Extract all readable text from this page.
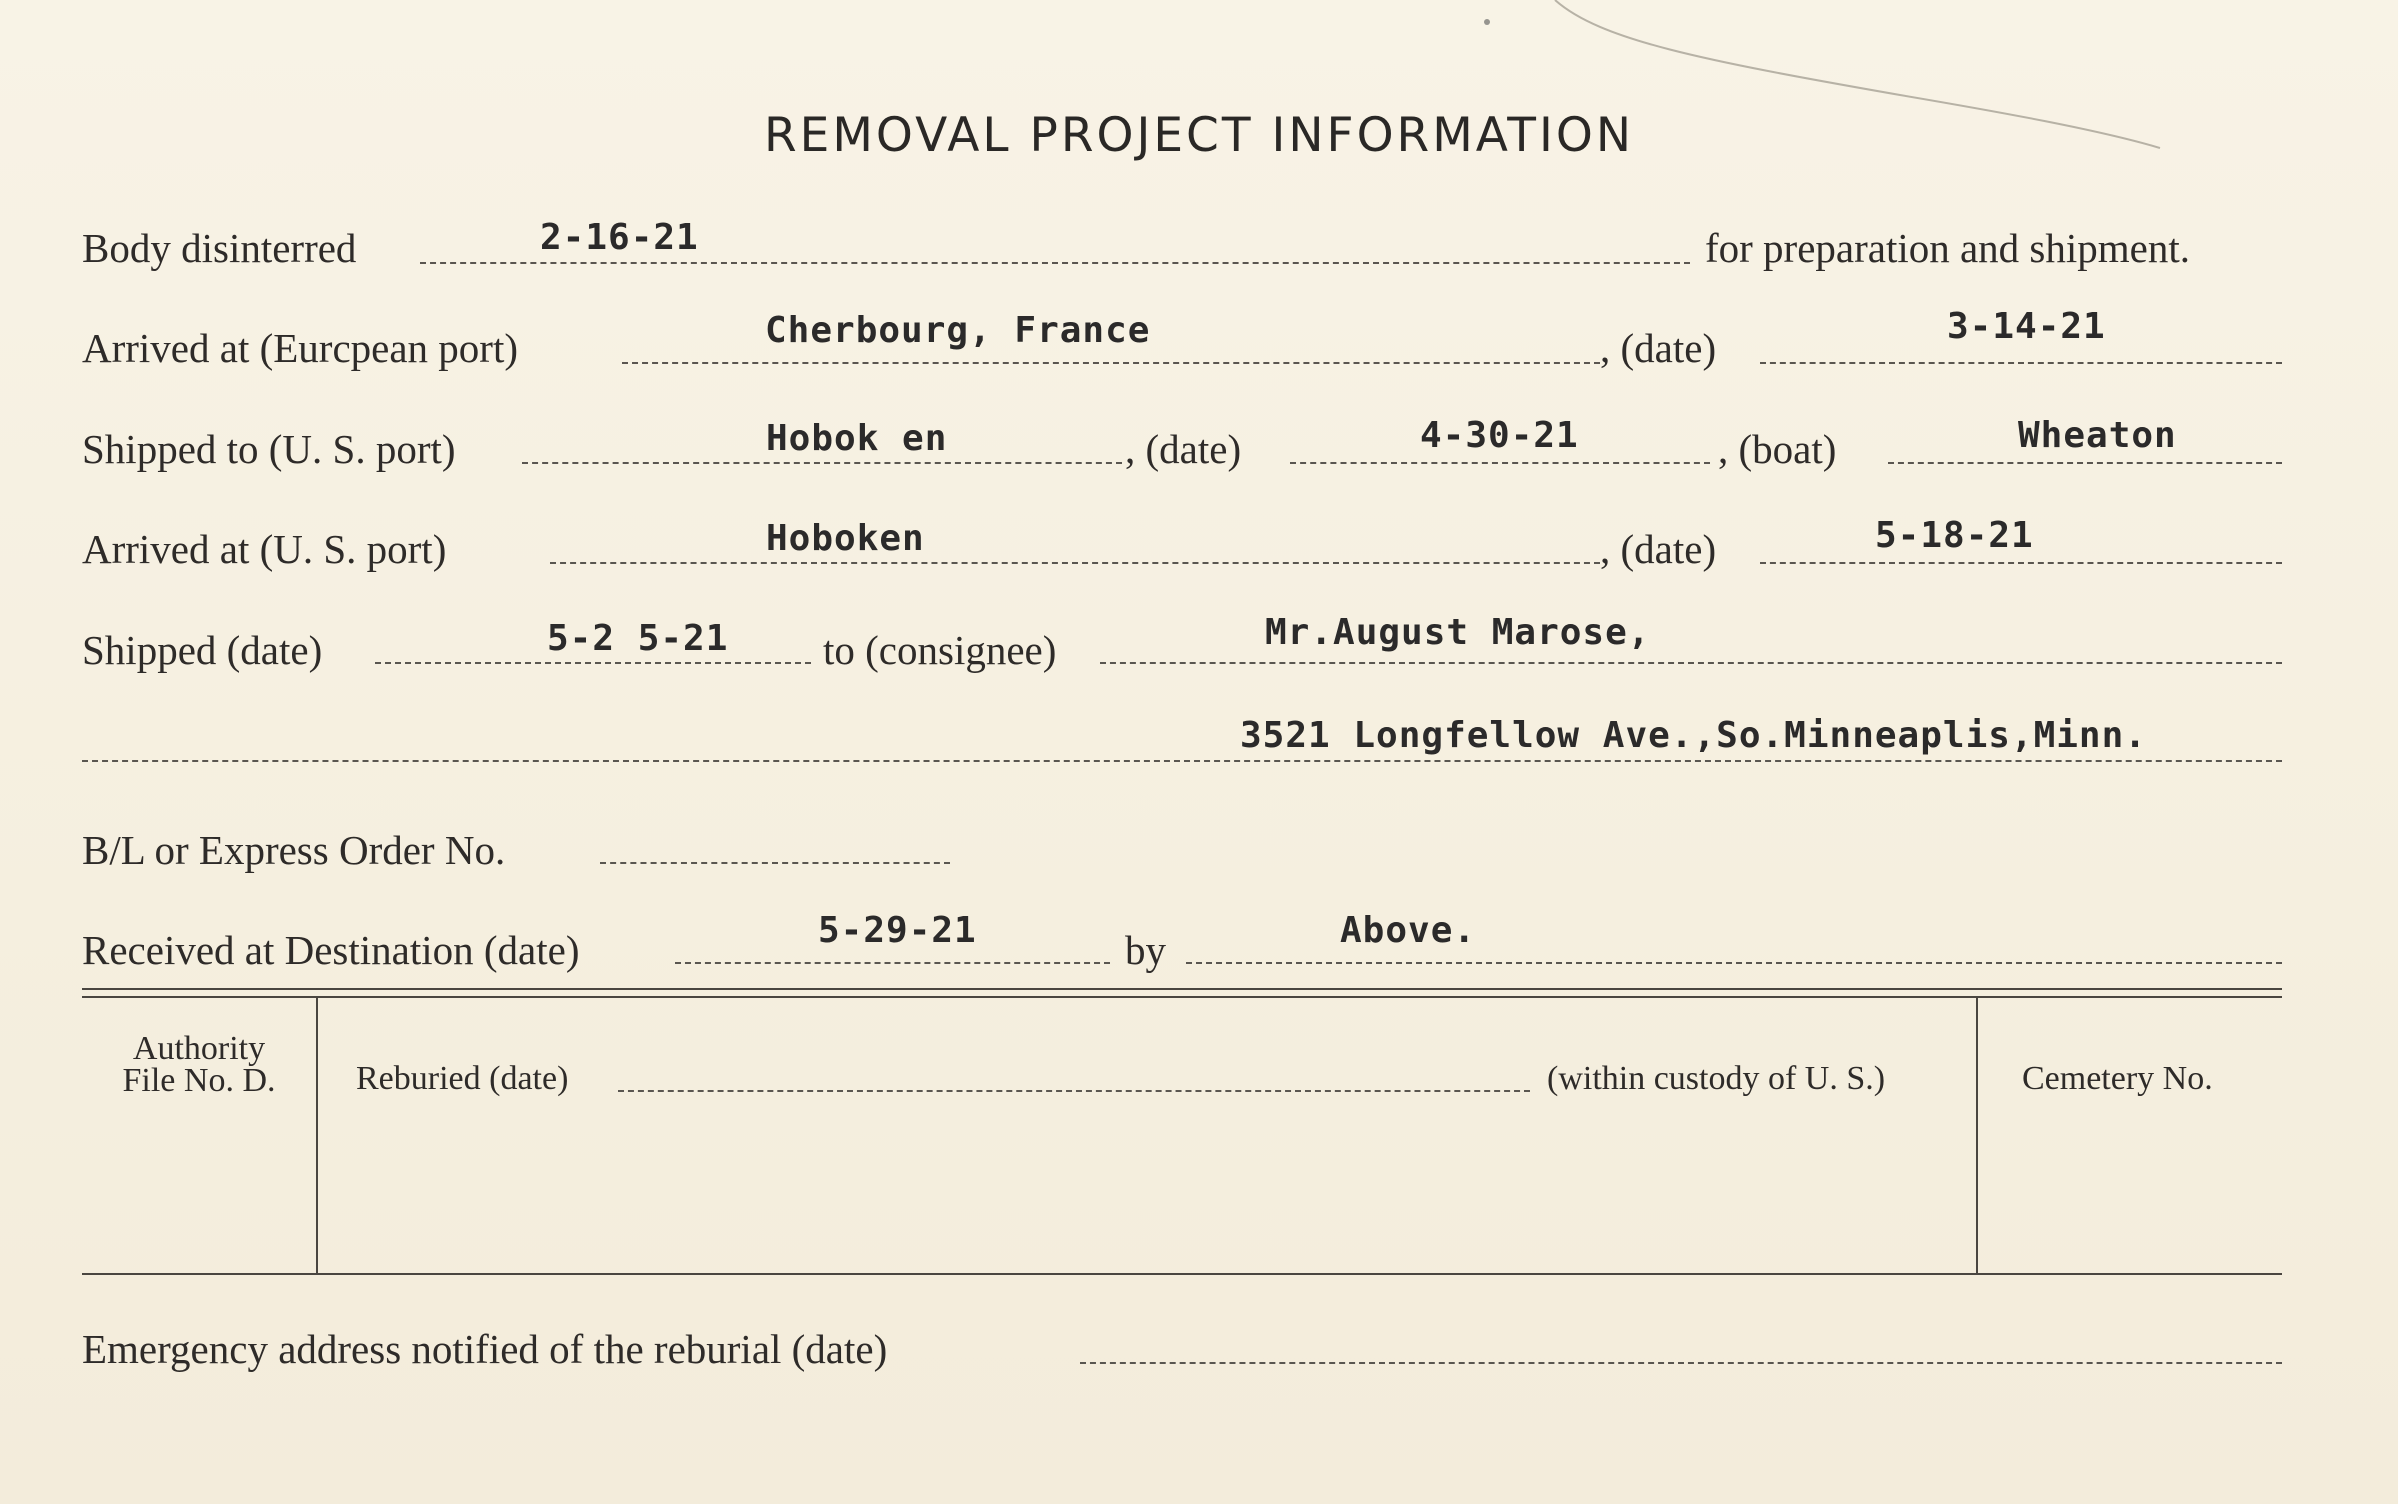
REMOVAL PROJECT INFORMATION
Body disinterred	2-16-21	for preparation and shipment.
Arrived at (Eurcpean port)	Cherbourg, France	, (date)	3-14-21
Shipped to (U. S. port)	Hobok en	, (date)	4-30-21	, (boat)	Wheaton
Arrived at (U. S. port)	Hoboken	, (date)	5-18-21
Shipped (date)	5-2 5-21 to (consignee)	Mr.August Marose,
3521 Longfellow Ave.,So.Minneaplis,Minn.
B/L or Express Order No.
Received at Destination (date)	5-29-21	by	Above.
Authority
File No. D.	Reburied (date)	(within custody of U. S.)	Cemetery No.
Emergency address notified of the reburial (date)
